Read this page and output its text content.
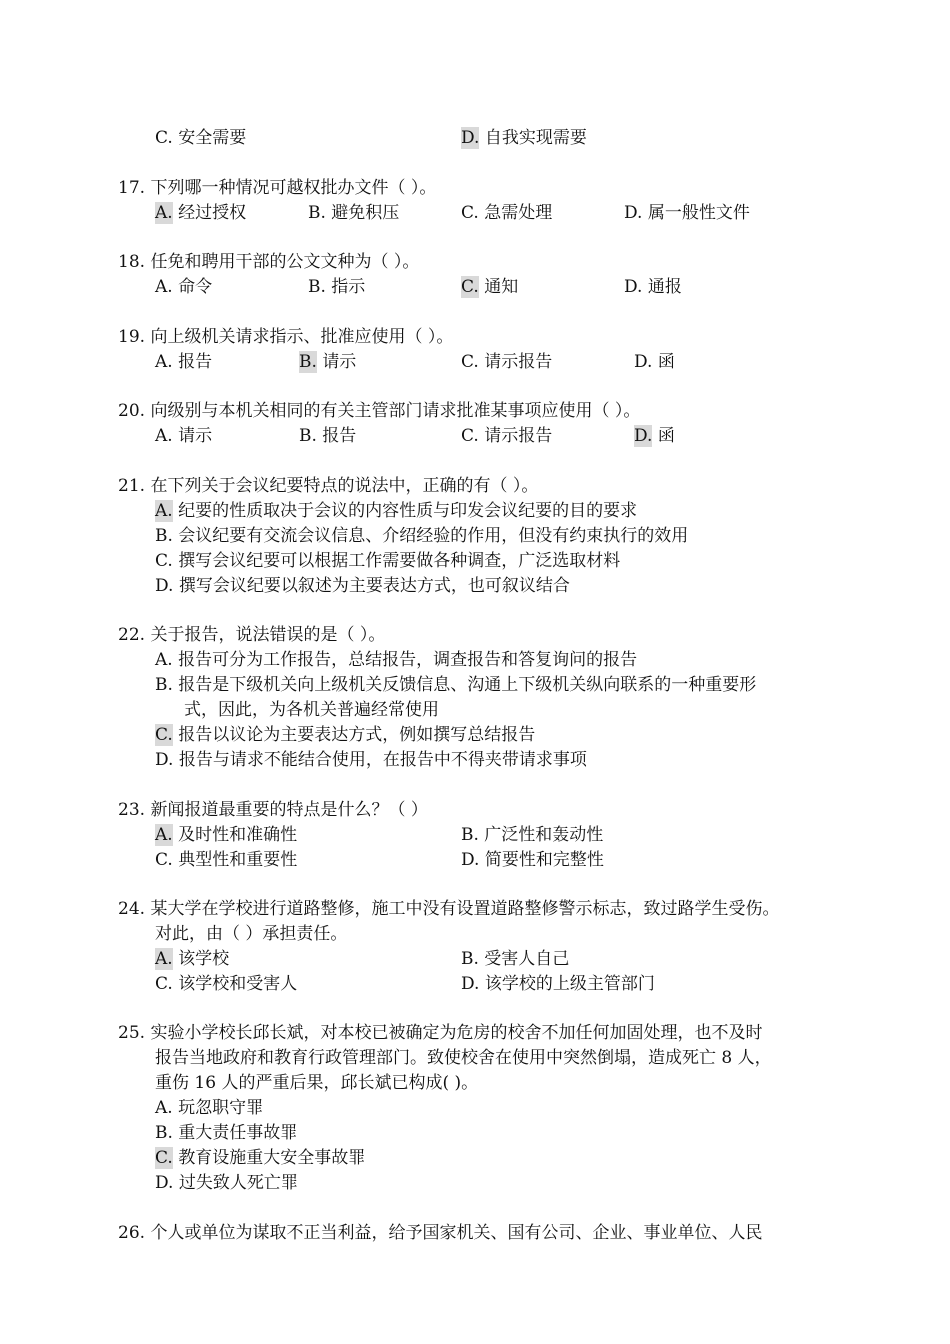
C. 安全需要	D. 自我实现需要
17. 下列哪一种情况可越权批办文件（ ）。
A. 经过授权	B. 避免积压	C. 急需处理	D. 属一般性文件
18. 任免和聘用干部的公文文种为（ ）。
A. 命令	B. 指示	C. 通知	D. 通报
19. 向上级机关请求指示、批准应使用（ ）。
A. 报告	B. 请示	C. 请示报告	D. 函
20. 向级别与本机关相同的有关主管部门请求批准某事项应使用（ ）。
A. 请示	B. 报告	C. 请示报告	D. 函
21. 在下列关于会议纪要特点的说法中，正确的有（ ）。
A. 纪要的性质取决于会议的内容性质与印发会议纪要的目的要求
B. 会议纪要有交流会议信息、介绍经验的作用，但没有约束执行的效用
C. 撰写会议纪要可以根据工作需要做各种调查，广泛选取材料
D. 撰写会议纪要以叙述为主要表达方式，也可叙议结合
22. 关于报告，说法错误的是（ ）。
A. 报告可分为工作报告，总结报告，调查报告和答复询问的报告
B. 报告是下级机关向上级机关反馈信息、沟通上下级机关纵向联系的一种重要形
式，因此，为各机关普遍经常使用
C. 报告以议论为主要表达方式，例如撰写总结报告
D. 报告与请求不能结合使用，在报告中不得夹带请求事项
23. 新闻报道最重要的特点是什么？（ ）
A. 及时性和准确性	B. 广泛性和轰动性
C. 典型性和重要性	D. 简要性和完整性
24. 某大学在学校进行道路整修，施工中没有设置道路整修警示标志，致过路学生受伤。
对此，由（ ）承担责任。
A. 该学校	B. 受害人自己
C. 该学校和受害人	D. 该学校的上级主管部门
25. 实验小学校长邱长斌，对本校已被确定为危房的校舍不加任何加固处理，也不及时
报告当地政府和教育行政管理部门。致使校舍在使用中突然倒塌，造成死亡 8 人，
重伤 16 人的严重后果，邱长斌已构成( )。
A. 玩忽职守罪
B. 重大责任事故罪
C. 教育设施重大安全事故罪
D. 过失致人死亡罪
26. 个人或单位为谋取不正当利益，给予国家机关、国有公司、企业、事业单位、人民
